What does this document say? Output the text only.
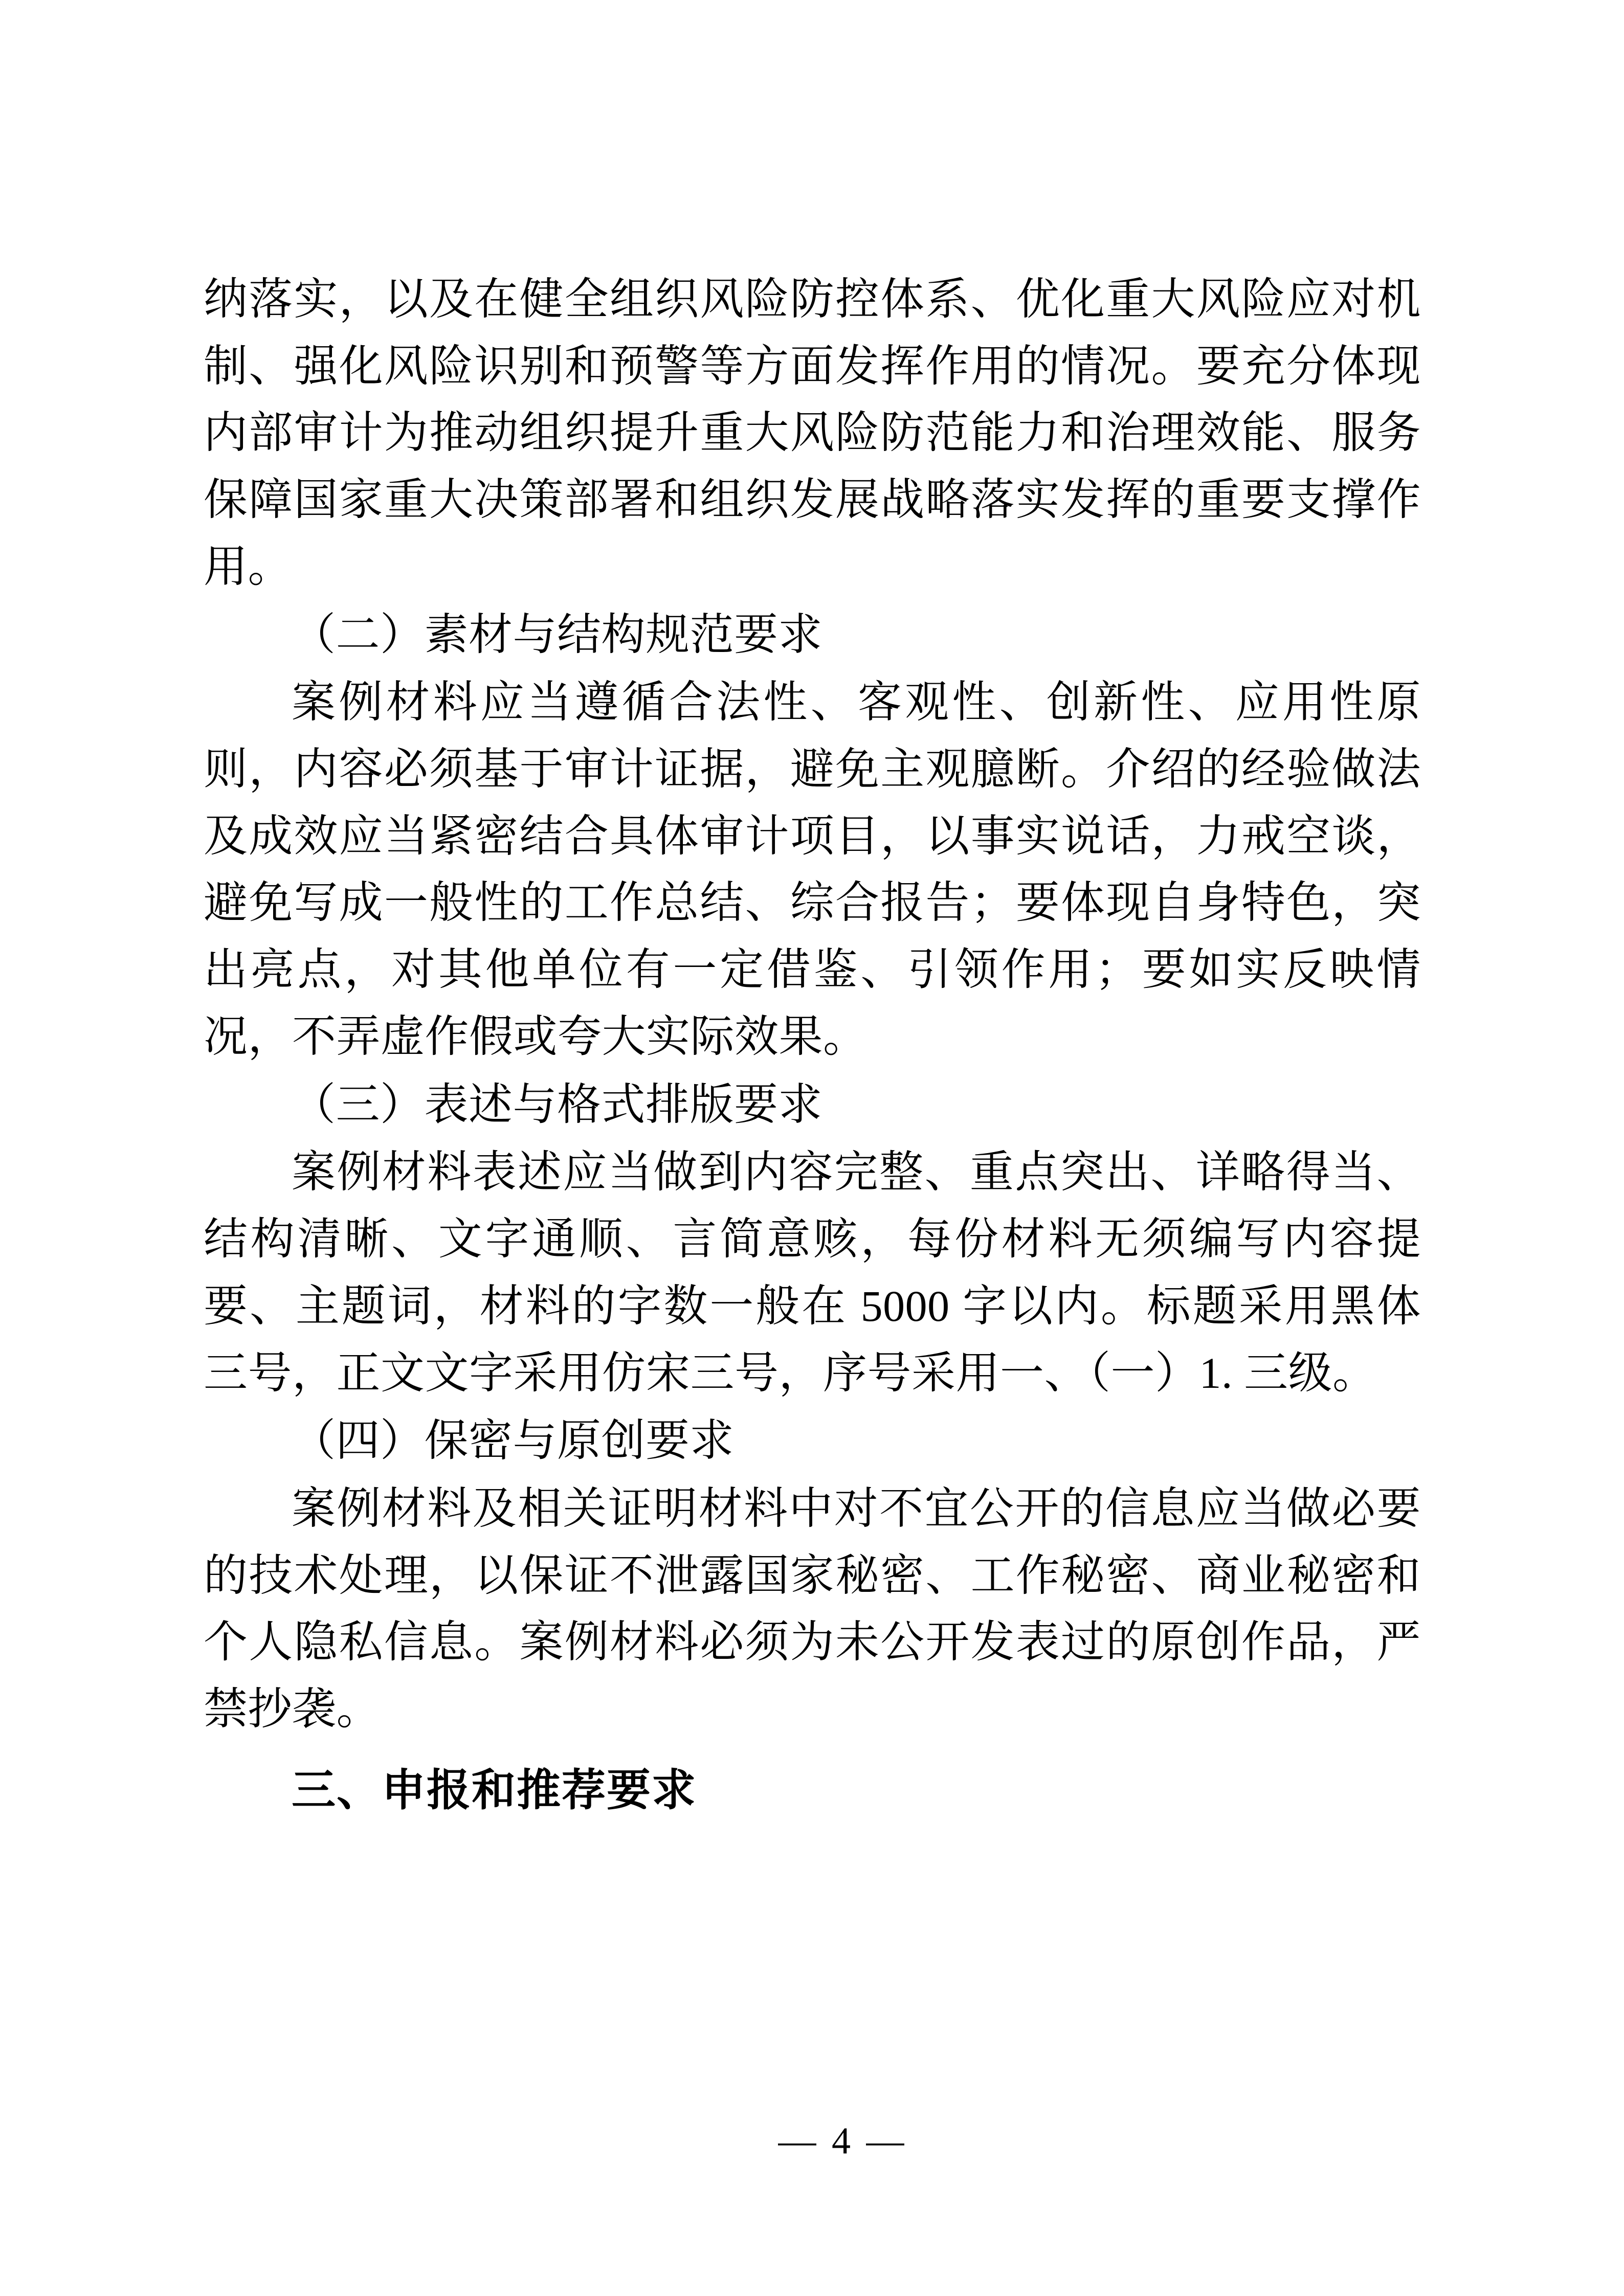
纳落实，以及在健全组织风险防控体系、优化重大风险应对机制、强化风险识别和预警等方面发挥作用的情况。要充分体现内部审计为推动组织提升重大风险防范能力和治理效能、服务保障国家重大决策部署和组织发展战略落实发挥的重要支撑作用。

（二）素材与结构规范要求

案例材料应当遵循合法性、客观性、创新性、应用性原则，内容必须基于审计证据，避免主观臆断。介绍的经验做法及成效应当紧密结合具体审计项目，以事实说话，力戒空谈，避免写成一般性的工作总结、综合报告；要体现自身特色，突出亮点，对其他单位有一定借鉴、引领作用；要如实反映情况，不弄虚作假或夸大实际效果。

（三）表述与格式排版要求

案例材料表述应当做到内容完整、重点突出、详略得当、结构清晰、文字通顺、言简意赅，每份材料无须编写内容提要、主题词，材料的字数一般在 5000 字以内。标题采用黑体三号，正文文字采用仿宋三号，序号采用一、（一）1. 三级。

（四）保密与原创要求

案例材料及相关证明材料中对不宜公开的信息应当做必要的技术处理，以保证不泄露国家秘密、工作秘密、商业秘密和个人隐私信息。案例材料必须为未公开发表过的原创作品，严禁抄袭。

三、申报和推荐要求

— 4 —
